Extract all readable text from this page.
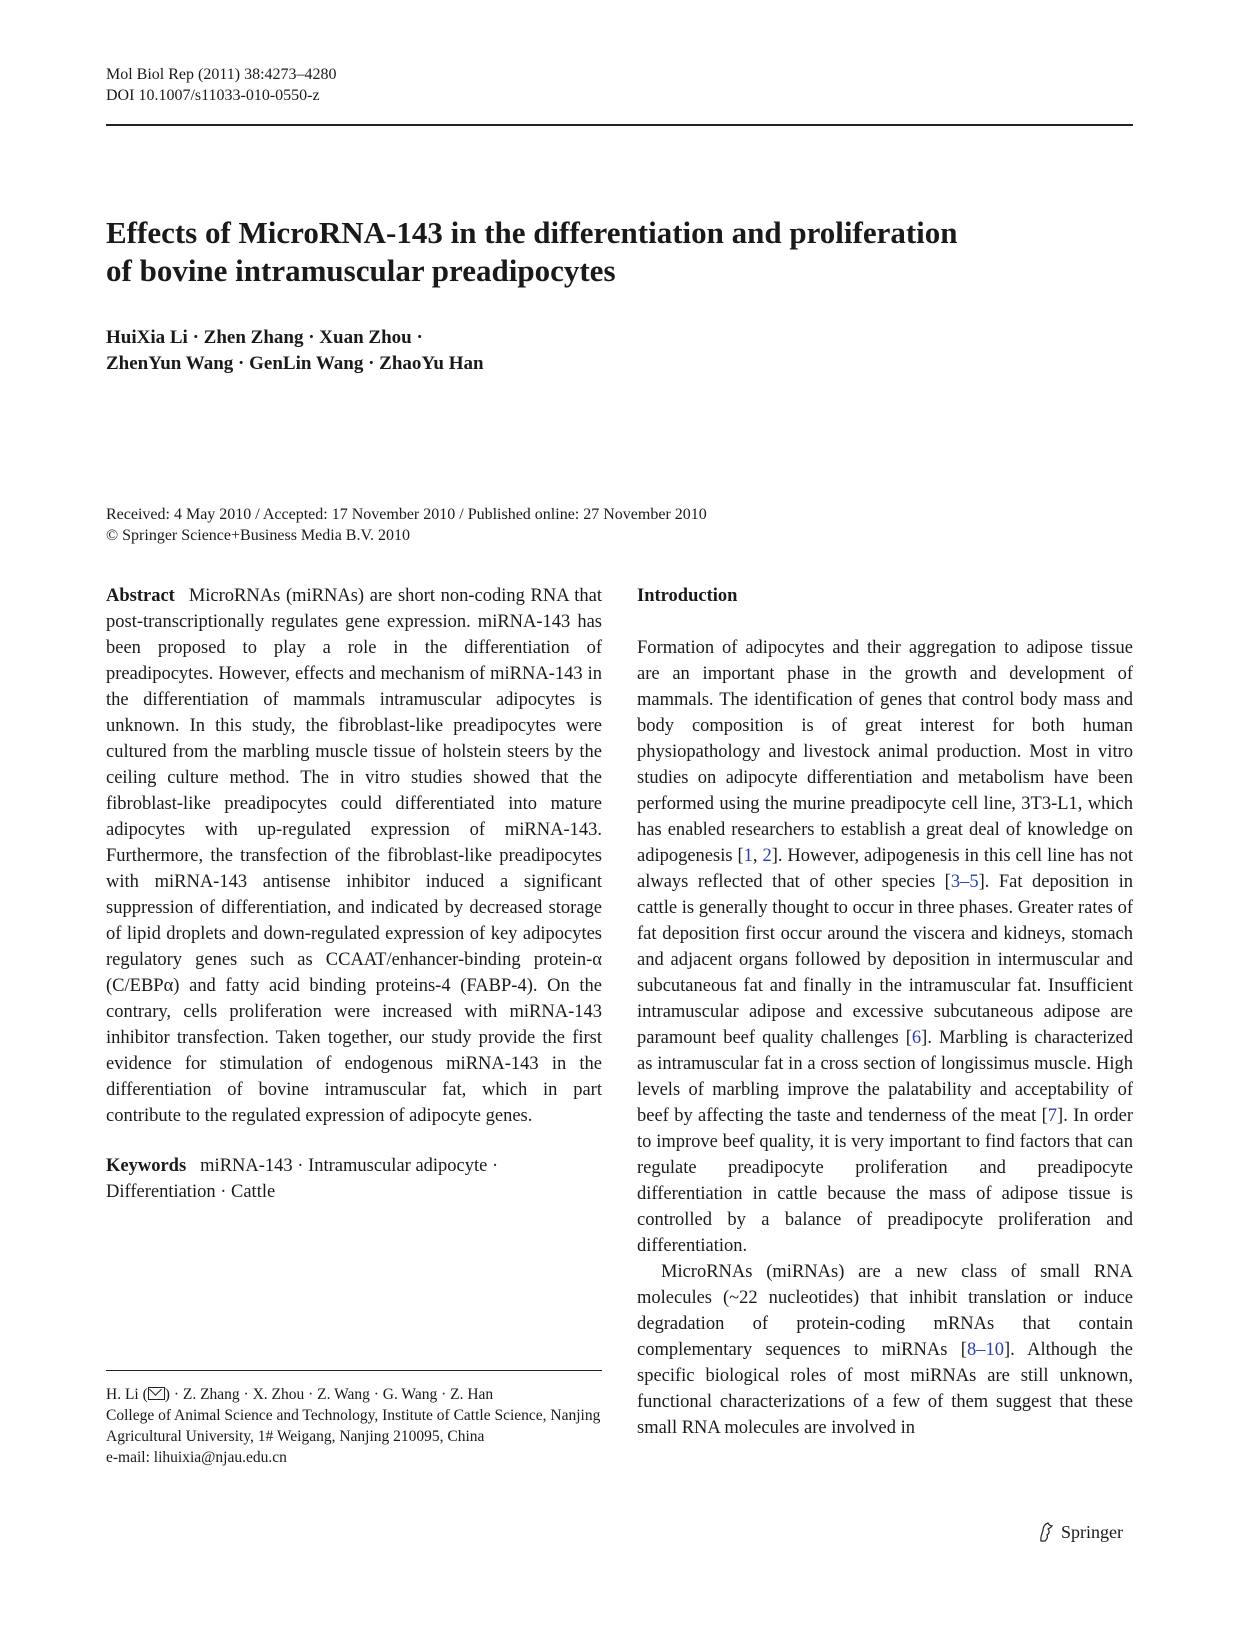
Mol Biol Rep (2011) 38:4273–4280
DOI 10.1007/s11033-010-0550-z
Effects of MicroRNA-143 in the differentiation and proliferation
of bovine intramuscular preadipocytes
HuiXia Li · Zhen Zhang · Xuan Zhou ·
ZhenYun Wang · GenLin Wang · ZhaoYu Han
Received: 4 May 2010 / Accepted: 17 November 2010 / Published online: 27 November 2010
© Springer Science+Business Media B.V. 2010

Abstract MicroRNAs (miRNAs) are short non-coding RNA that post-transcriptionally regulates gene expression. miRNA-143 has been proposed to play a role in the differentiation of preadipocytes. However, effects and mechanism of miRNA-143 in the differentiation of mammals intramuscular adipocytes is unknown. In this study, the fibroblast-like preadipocytes were cultured from the marbling muscle tissue of holstein steers by the ceiling culture method. The in vitro studies showed that the fibroblast-like preadipocytes could differentiated into mature adipocytes with up-regulated expression of miRNA-143. Furthermore, the transfection of the fibroblast-like preadipocytes with miRNA-143 antisense inhibitor induced a significant suppression of differentiation, and indicated by decreased storage of lipid droplets and down-regulated expression of key adipocytes regulatory genes such as CCAAT/enhancer-binding protein-α (C/EBPα) and fatty acid binding proteins-4 (FABP-4). On the contrary, cells proliferation were increased with miRNA-143 inhibitor transfection. Taken together, our study provide the first evidence for stimulation of endogenous miRNA-143 in the differentiation of bovine intramuscular fat, which in part contribute to the regulated expression of adipocyte genes.

Keywords miRNA-143 · Intramuscular adipocyte · Differentiation · Cattle

H. Li ( ) · Z. Zhang · X. Zhou · Z. Wang · G. Wang · Z. Han

College of Animal Science and Technology, Institute of Cattle Science, Nanjing Agricultural University, 1# Weigang, Nanjing 210095, China

e-mail: lihuixia@njau.edu.cn

Introduction

Formation of adipocytes and their aggregation to adipose tissue are an important phase in the growth and development of mammals. The identification of genes that control body mass and body composition is of great interest for both human physiopathology and livestock animal production. Most in vitro studies on adipocyte differentiation and metabolism have been performed using the murine preadipocyte cell line, 3T3-L1, which has enabled researchers to establish a great deal of knowledge on adipogenesis [1, 2]. However, adipogenesis in this cell line has not always reflected that of other species [3–5]. Fat deposition in cattle is generally thought to occur in three phases. Greater rates of fat deposition first occur around the viscera and kidneys, stomach and adjacent organs followed by deposition in intermuscular and subcutaneous fat and finally in the intramuscular fat. Insufficient intramuscular adipose and excessive subcutaneous adipose are paramount beef quality challenges [6]. Marbling is characterized as intramuscular fat in a cross section of longissimus muscle. High levels of marbling improve the palatability and acceptability of beef by affecting the taste and tenderness of the meat [7]. In order to improve beef quality, it is very important to find factors that can regulate preadipocyte proliferation and preadipocyte differentiation in cattle because the mass of adipose tissue is controlled by a balance of preadipocyte proliferation and differentiation.

MicroRNAs (miRNAs) are a new class of small RNA molecules (~22 nucleotides) that inhibit translation or induce degradation of protein-coding mRNAs that contain complementary sequences to miRNAs [8–10]. Although the specific biological roles of most miRNAs are still unknown, functional characterizations of a few of them suggest that these small RNA molecules are involved in

Springer
